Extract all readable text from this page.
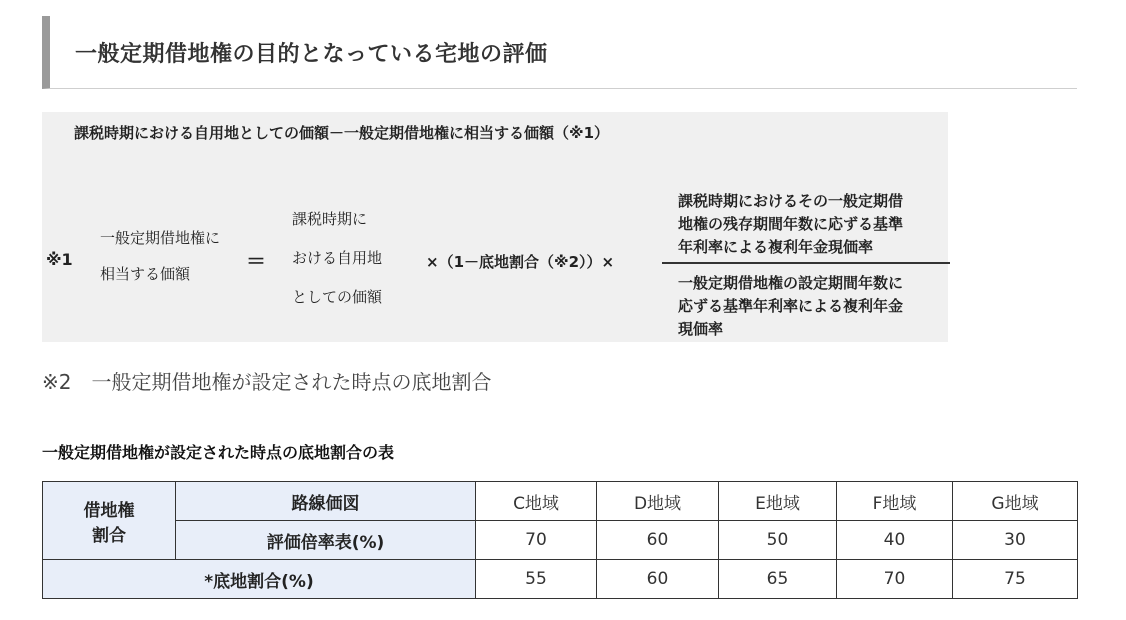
一般定期借地権の目的となっている宅地の評価
課税時期における自用地としての価額－一般定期借地権に相当する価額（※1）
※1
一般定期借地権に
相当する価額
＝
課税時期に
おける自用地
としての価額
×（1－底地割合（※2））×
課税時期におけるその一般定期借
地権の残存期間年数に応ずる基準
年利率による複利年金現価率
一般定期借地権の設定期間年数に
応ずる基準年利率による複利年金
現価率
※2　一般定期借地権が設定された時点の底地割合
一般定期借地権が設定された時点の底地割合の表
借地権
割合	路線価図	C地域	D地域	E地域	F地域	G地域
	評価倍率表(%)	70	60	50	40	30
*底地割合(%)		55	60	65	70	75
